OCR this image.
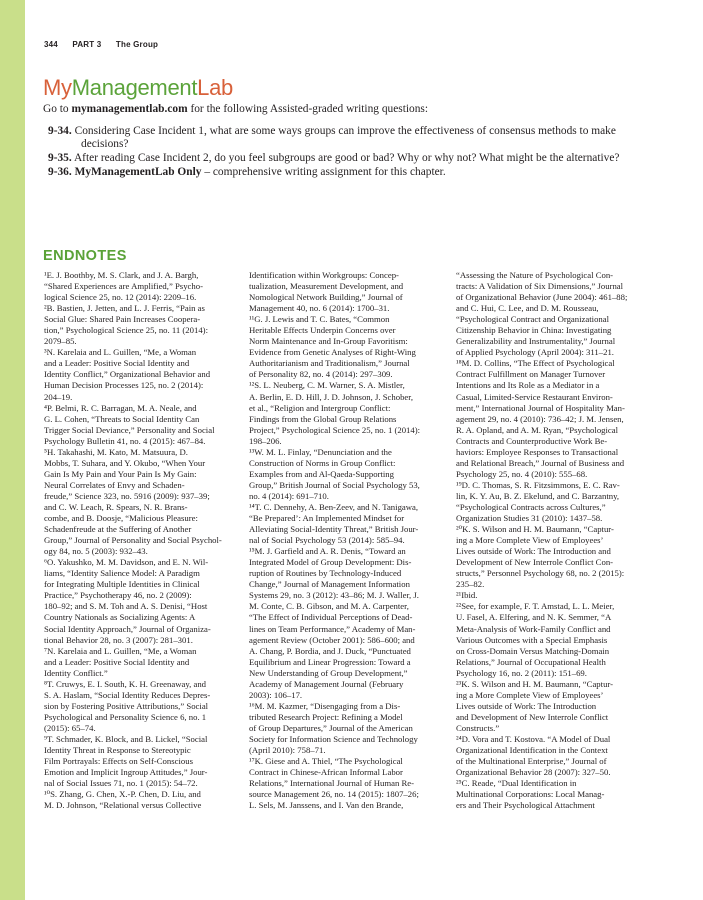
344 PART 3 The Group
MyManagementLab
Go to mymanagementlab.com for the following Assisted-graded writing questions:
9-34. Considering Case Incident 1, what are some ways groups can improve the effectiveness of consensus methods to make decisions?
9-35. After reading Case Incident 2, do you feel subgroups are good or bad? Why or why not? What might be the alternative?
9-36. MyManagementLab Only – comprehensive writing assignment for this chapter.
ENDNOTES
¹E. J. Boothby, M. S. Clark, and J. A. Bargh,
“Shared Experiences are Amplified,” Psycho-
logical Science 25, no. 12 (2014): 2209–16.
²B. Bastien, J. Jetten, and L. J. Ferris, “Pain as
Social Glue: Shared Pain Increases Coopera-
tion,” Psychological Science 25, no. 11 (2014):
2079–85.
³N. Karelaia and L. Guillen, “Me, a Woman
and a Leader: Positive Social Identity and
Identity Conflict,” Organizational Behavior and
Human Decision Processes 125, no. 2 (2014):
204–19.
⁴P. Belmi, R. C. Barragan, M. A. Neale, and
G. L. Cohen, “Threats to Social Identity Can
Trigger Social Deviance,” Personality and Social
Psychology Bulletin 41, no. 4 (2015): 467–84.
⁵H. Takahashi, M. Kato, M. Matsuura, D.
Mobbs, T. Suhara, and Y. Okubo, “When Your
Gain Is My Pain and Your Pain Is My Gain:
Neural Correlates of Envy and Schaden-
freude,” Science 323, no. 5916 (2009): 937–39;
and C. W. Leach, R. Spears, N. R. Brans-
combe, and B. Doosje, “Malicious Pleasure:
Schadenfreude at the Suffering of Another
Group,” Journal of Personality and Social Psychol-
ogy 84, no. 5 (2003): 932–43.
⁶O. Yakushko, M. M. Davidson, and E. N. Wil-
liams, “Identity Salience Model: A Paradigm
for Integrating Multiple Identities in Clinical
Practice,” Psychotherapy 46, no. 2 (2009):
180–92; and S. M. Toh and A. S. Denisi, “Host
Country Nationals as Socializing Agents: A
Social Identity Approach,” Journal of Organiza-
tional Behavior 28, no. 3 (2007): 281–301.
⁷N. Karelaia and L. Guillen, “Me, a Woman
and a Leader: Positive Social Identity and
Identity Conflict.”
⁸T. Cruwys, E. I. South, K. H. Greenaway, and
S. A. Haslam, “Social Identity Reduces Depres-
sion by Fostering Positive Attributions,” Social
Psychological and Personality Science 6, no. 1
(2015): 65–74.
⁹T. Schmader, K. Block, and B. Lickel, “Social
Identity Threat in Response to Stereotypic
Film Portrayals: Effects on Self-Conscious
Emotion and Implicit Ingroup Attitudes,” Jour-
nal of Social Issues 71, no. 1 (2015): 54–72.
¹⁰S. Zhang, G. Chen, X.-P. Chen, D. Liu, and
M. D. Johnson, “Relational versus Collective
Identification within Workgroups: Concep-
tualization, Measurement Development, and
Nomological Network Building,” Journal of
Management 40, no. 6 (2014): 1700–31.
¹¹G. J. Lewis and T. C. Bates, “Common
Heritable Effects Underpin Concerns over
Norm Maintenance and In-Group Favoritism:
Evidence from Genetic Analyses of Right-Wing
Authoritarianism and Traditionalism,” Journal
of Personality 82, no. 4 (2014): 297–309.
¹²S. L. Neuberg, C. M. Warner, S. A. Mistler,
A. Berlin, E. D. Hill, J. D. Johnson, J. Schober,
et al., “Religion and Intergroup Conflict:
Findings from the Global Group Relations
Project,” Psychological Science 25, no. 1 (2014):
198–206.
¹³W. M. L. Finlay, “Denunciation and the
Construction of Norms in Group Conflict:
Examples from and Al-Qaeda-Supporting
Group,” British Journal of Social Psychology 53,
no. 4 (2014): 691–710.
¹⁴T. C. Dennehy, A. Ben-Zeev, and N. Tanigawa,
“Be Prepared’: An Implemented Mindset for
Alleviating Social-Identity Threat,” British Jour-
nal of Social Psychology 53 (2014): 585–94.
¹⁵M. J. Garfield and A. R. Denis, “Toward an
Integrated Model of Group Development: Dis-
ruption of Routines by Technology-Induced
Change,” Journal of Management Information
Systems 29, no. 3 (2012): 43–86; M. J. Waller, J.
M. Conte, C. B. Gibson, and M. A. Carpenter,
“The Effect of Individual Perceptions of Dead-
lines on Team Performance,” Academy of Man-
agement Review (October 2001): 586–600; and
A. Chang, P. Bordia, and J. Duck, “Punctuated
Equilibrium and Linear Progression: Toward a
New Understanding of Group Development,”
Academy of Management Journal (February
2003): 106–17.
¹⁶M. M. Kazmer, “Disengaging from a Dis-
tributed Research Project: Refining a Model
of Group Departures,” Journal of the American
Society for Information Science and Technology
(April 2010): 758–71.
¹⁷K. Giese and A. Thiel, “The Psychological
Contract in Chinese-African Informal Labor
Relations,” International Journal of Human Re-
source Management 26, no. 14 (2015): 1807–26;
L. Sels, M. Janssens, and I. Van den Brande,
“Assessing the Nature of Psychological Con-
tracts: A Validation of Six Dimensions,” Journal
of Organizational Behavior (June 2004): 461–88;
and C. Hui, C. Lee, and D. M. Rousseau,
“Psychological Contract and Organizational
Citizenship Behavior in China: Investigating
Generalizability and Instrumentality,” Journal
of Applied Psychology (April 2004): 311–21.
¹⁸M. D. Collins, “The Effect of Psychological
Contract Fulfillment on Manager Turnover
Intentions and Its Role as a Mediator in a
Casual, Limited-Service Restaurant Environ-
ment,” International Journal of Hospitality Man-
agement 29, no. 4 (2010): 736–42; J. M. Jensen,
R. A. Opland, and A. M. Ryan, “Psychological
Contracts and Counterproductive Work Be-
haviors: Employee Responses to Transactional
and Relational Breach,” Journal of Business and
Psychology 25, no. 4 (2010): 555–68.
¹⁹D. C. Thomas, S. R. Fitzsimmons, E. C. Rav-
lin, K. Y. Au, B. Z. Ekelund, and C. Barzantny,
“Psychological Contracts across Cultures,”
Organization Studies 31 (2010): 1437–58.
²⁰K. S. Wilson and H. M. Baumann, “Captur-
ing a More Complete View of Employees’
Lives outside of Work: The Introduction and
Development of New Interrole Conflict Con-
structs,” Personnel Psychology 68, no. 2 (2015):
235–82.
²¹Ibid.
²²See, for example, F. T. Amstad, L. L. Meier,
U. Fasel, A. Elfering, and N. K. Semmer, “A
Meta-Analysis of Work-Family Conflict and
Various Outcomes with a Special Emphasis
on Cross-Domain Versus Matching-Domain
Relations,” Journal of Occupational Health
Psychology 16, no. 2 (2011): 151–69.
²³K. S. Wilson and H. M. Baumann, “Captur-
ing a More Complete View of Employees’
Lives outside of Work: The Introduction
and Development of New Interrole Conflict
Constructs.”
²⁴D. Vora and T. Kostova. “A Model of Dual
Organizational Identification in the Context
of the Multinational Enterprise,” Journal of
Organizational Behavior 28 (2007): 327–50.
²⁵C. Reade, “Dual Identification in
Multinational Corporations: Local Manag-
ers and Their Psychological Attachment
